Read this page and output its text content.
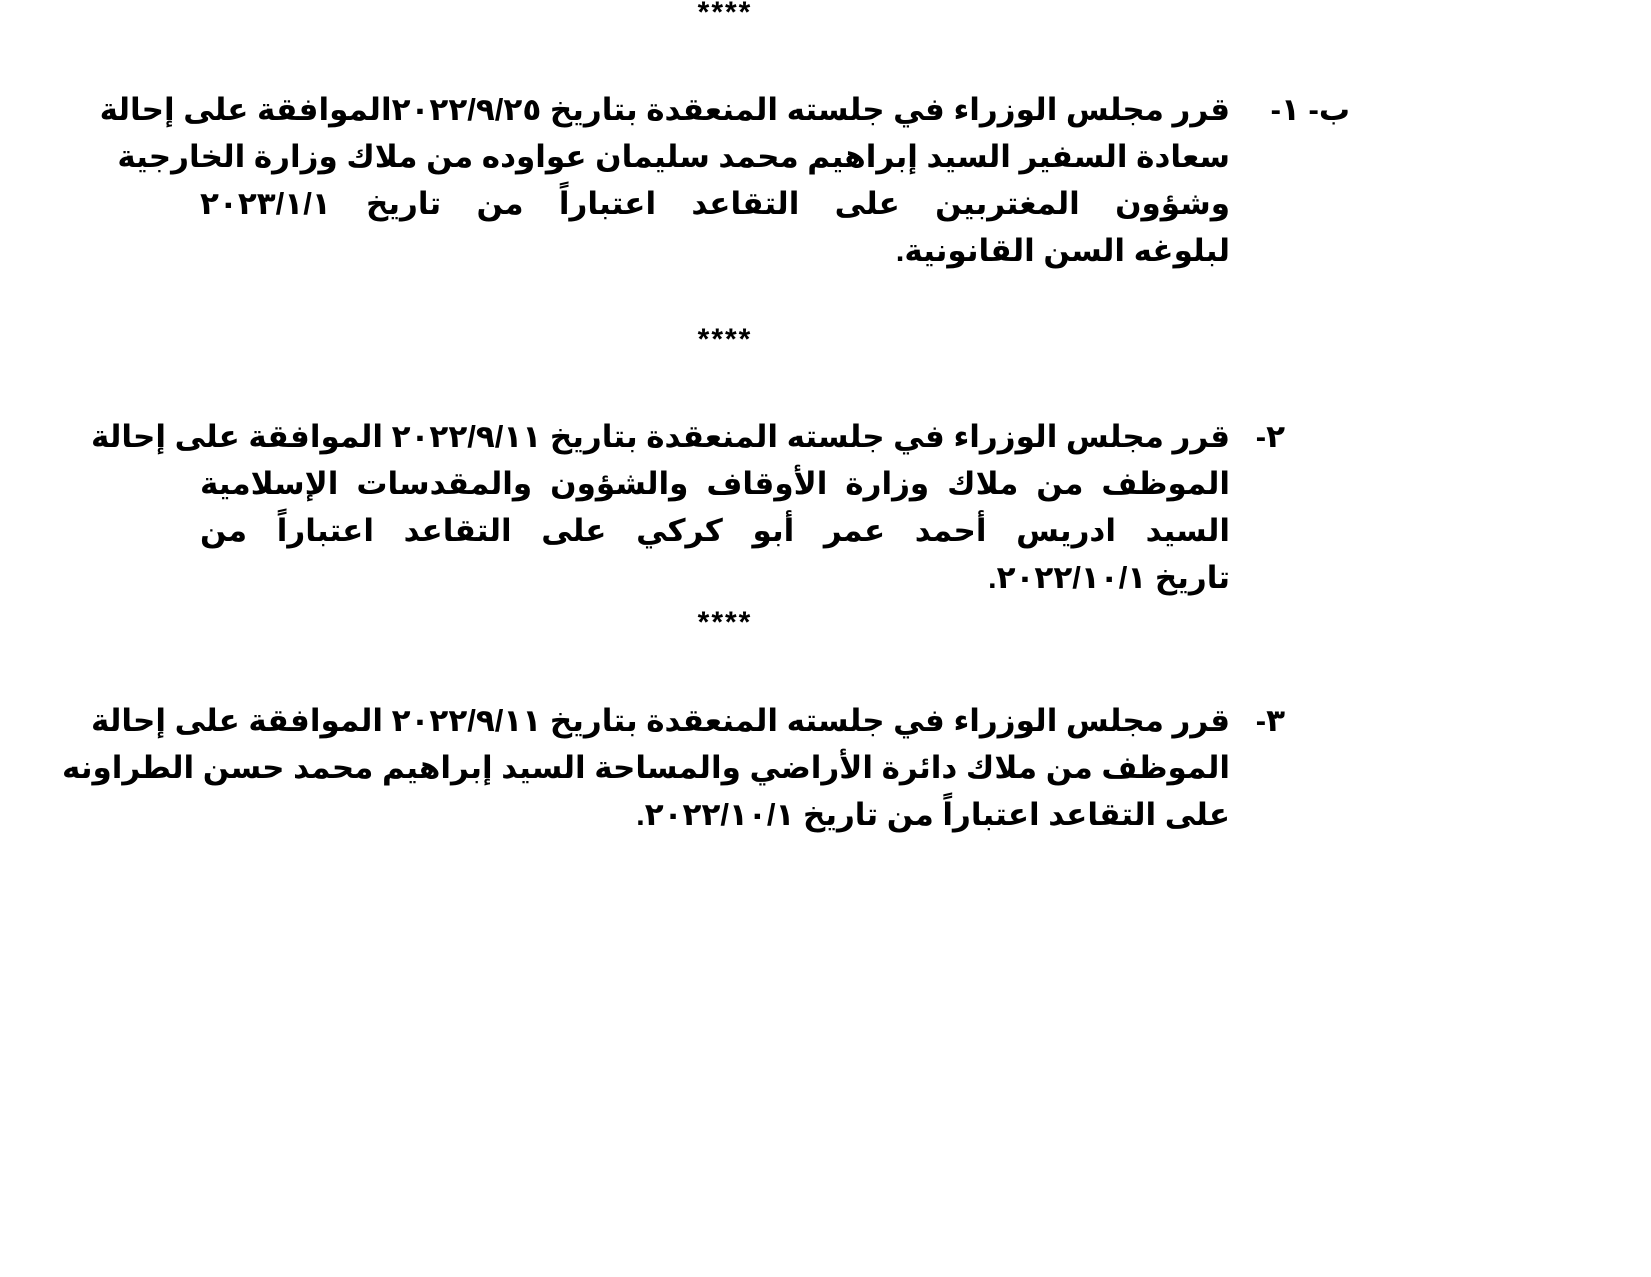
****
ب- ١-
قرر مجلس الوزراء في جلسته المنعقدة بتاريخ ٢٠٢٢/٩/٢٥الموافقة على إحالة
سعادة السفير السيد إبراهيم محمد سليمان عواوده من ملاك وزارة الخارجية
وشؤون المغتربين على التقاعد اعتباراً من تاريخ ٢٠٢٣/١/١
لبلوغه السن القانونية.
****
٢-
قرر مجلس الوزراء في جلسته المنعقدة بتاريخ ٢٠٢٢/٩/١١ الموافقة على إحالة
الموظف من ملاك وزارة الأوقاف والشؤون والمقدسات الإسلامية
السيد ادريس أحمد عمر أبو كركي على التقاعد اعتباراً من
تاريخ ٢٠٢٢/١٠/١.
****
٣-
قرر مجلس الوزراء في جلسته المنعقدة بتاريخ ٢٠٢٢/٩/١١ الموافقة على إحالة
الموظف من ملاك دائرة الأراضي والمساحة السيد إبراهيم محمد حسن الطراونه
على التقاعد اعتباراً من تاريخ ٢٠٢٢/١٠/١.
